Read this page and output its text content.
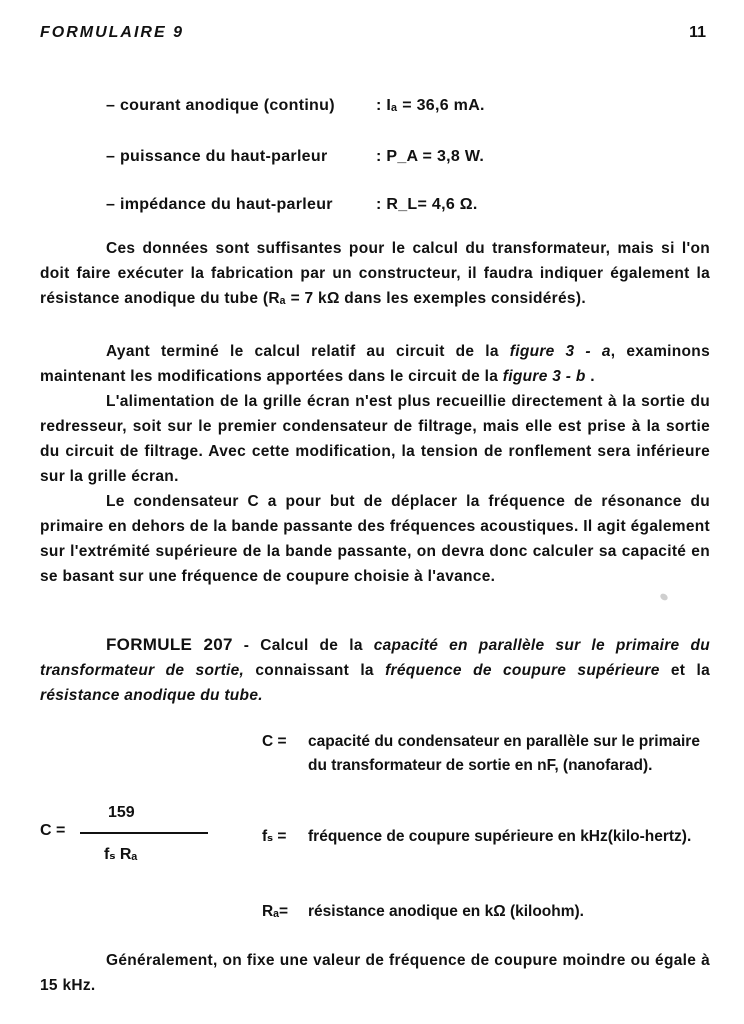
FORMULAIRE 9	11
– courant anodique (continu)	: Iₐ = 36,6 mA.
– puissance du haut-parleur	: P_A = 3,8 W.
– impédance du haut-parleur	: R_L= 4,6 Ω.
Ces données sont suffisantes pour le calcul du transformateur, mais si l'on doit faire exécuter la fabrication par un constructeur, il faudra indiquer également la résistance anodique du tube (Rₐ = 7 kΩ dans les exemples considérés).
Ayant terminé le calcul relatif au circuit de la figure 3 - a, examinons maintenant les modifications apportées dans le circuit de la figure 3 - b .
L'alimentation de la grille écran n'est plus recueillie directement à la sortie du redresseur, soit sur le premier condensateur de filtrage, mais elle est prise à la sortie du circuit de filtrage. Avec cette modification, la tension de ronflement sera inférieure sur la grille écran.
Le condensateur C a pour but de déplacer la fréquence de résonance du primaire en dehors de la bande passante des fréquences acoustiques. Il agit également sur l'extrémité supérieure de la bande passante, on devra donc calculer sa capacité en se basant sur une fréquence de coupure choisie à l'avance.
FORMULE 207 - Calcul de la capacité en parallèle sur le primaire du transformateur de sortie, connaissant la fréquence de coupure supérieure et la résistance anodique du tube.
C =
159
fₛ Rₐ
C =	capacité du condensateur en parallèle sur le primaire du transformateur de sortie en nF, (nanofarad).
fₛ =	fréquence de coupure supérieure en kHz(kilo-hertz).
Rₐ=	résistance anodique en kΩ (kiloohm).
Généralement, on fixe une valeur de fréquence de coupure moindre ou égale à 15 kHz.
